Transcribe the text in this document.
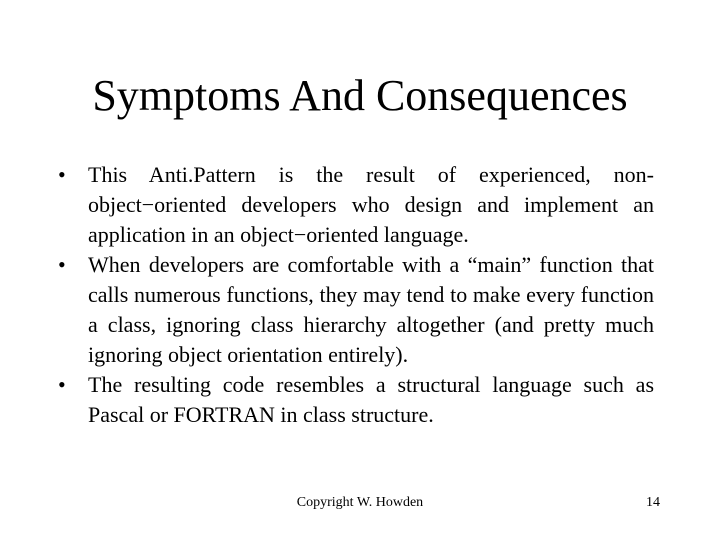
Symptoms And Consequences
•	This Anti.Pattern is the result of experienced, non-object−oriented developers who design and implement an application in an object−oriented language.
•	When developers are comfortable with a “main” function that calls numerous functions, they may tend to make every function a class, ignoring class hierarchy altogether (and pretty much ignoring object orientation entirely).
•	The resulting code resembles a structural language such as Pascal or FORTRAN in class structure.
Copyright W. Howden	14
